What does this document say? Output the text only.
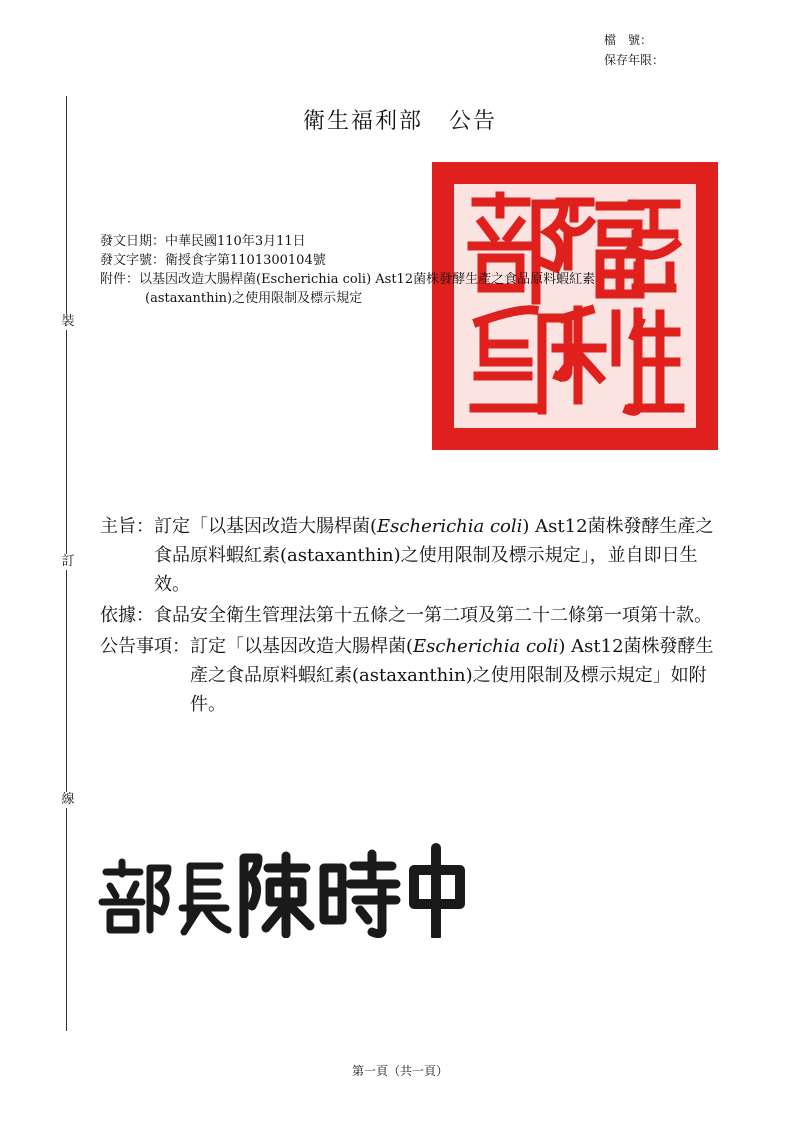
檔　號：
保存年限：
裝
訂
線
衛生福利部 公告
發文日期：中華民國110年3月11日
發文字號：衛授食字第1101300104號
附件：以基因改造大腸桿菌(Escherichia coli) Ast12菌株發酵生產之食品原料蝦紅素
(astaxanthin)之使用限制及標示規定
主旨： 訂定「以基因改造大腸桿菌(Escherichia coli) Ast12菌株發酵生產之食品原料蝦紅素(astaxanthin)之使用限制及標示規定」，並自即日生效。
依據： 食品安全衛生管理法第十五條之一第二項及第二十二條第一項第十款。
公告事項： 訂定「以基因改造大腸桿菌(Escherichia coli) Ast12菌株發酵生產之食品原料蝦紅素(astaxanthin)之使用限制及標示規定」如附件。
第一頁（共一頁）
